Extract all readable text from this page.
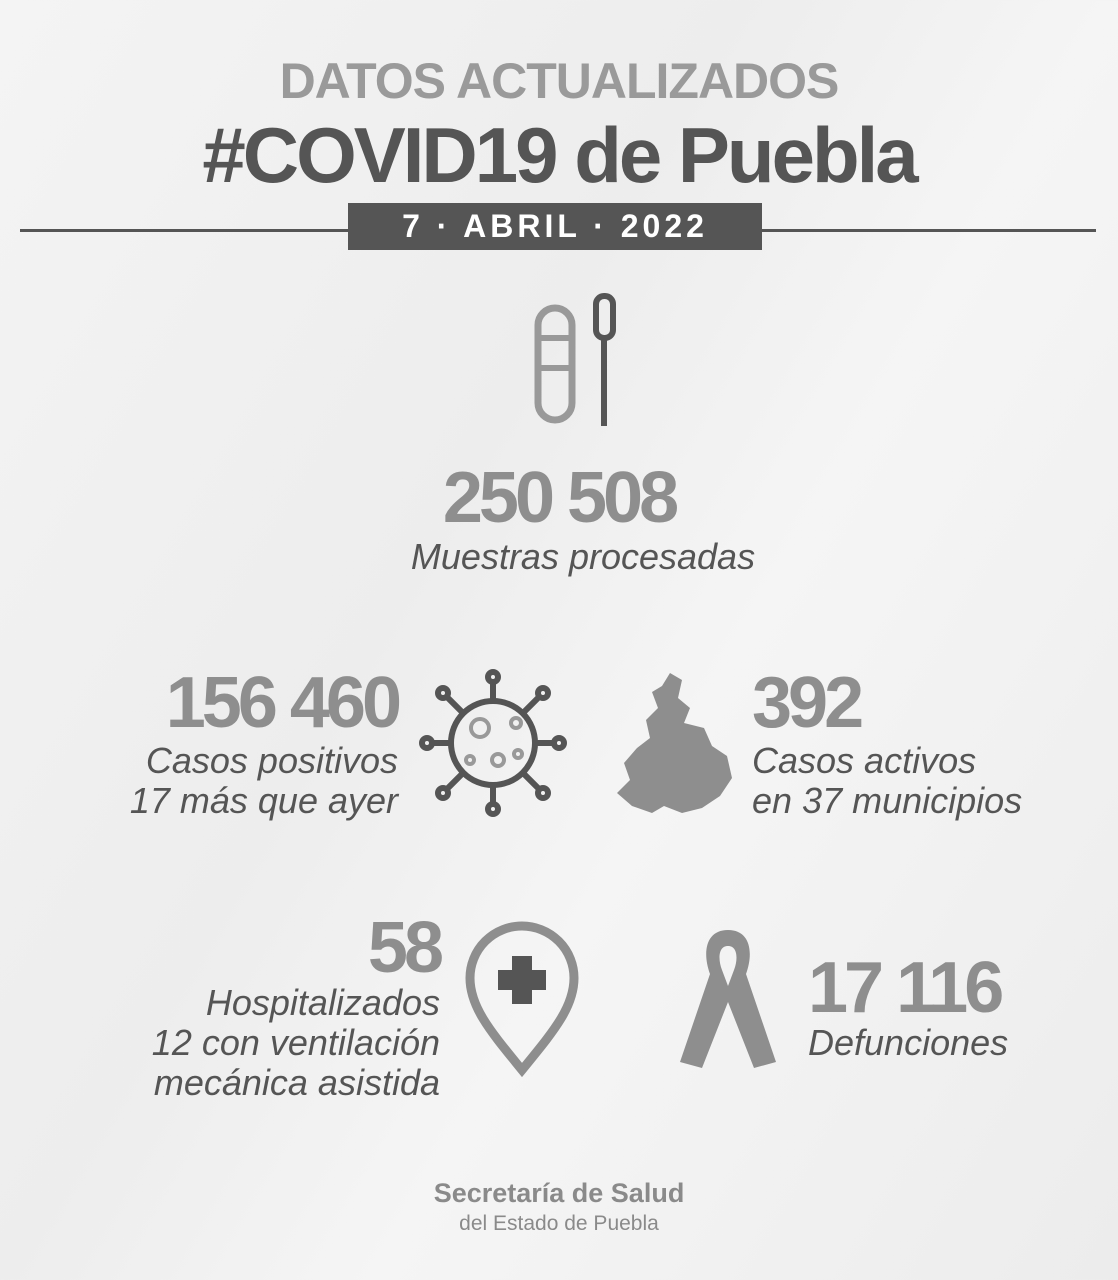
DATOS ACTUALIZADOS
#COVID19 de Puebla
7 · ABRIL · 2022
250 508
Muestras procesadas
156 460
Casos positivos
17 más que ayer
392
Casos activos
en 37 municipios
58
Hospitalizados
12 con ventilación
mecánica asistida
17 116
Defunciones
Secretaría de Salud
del Estado de Puebla
